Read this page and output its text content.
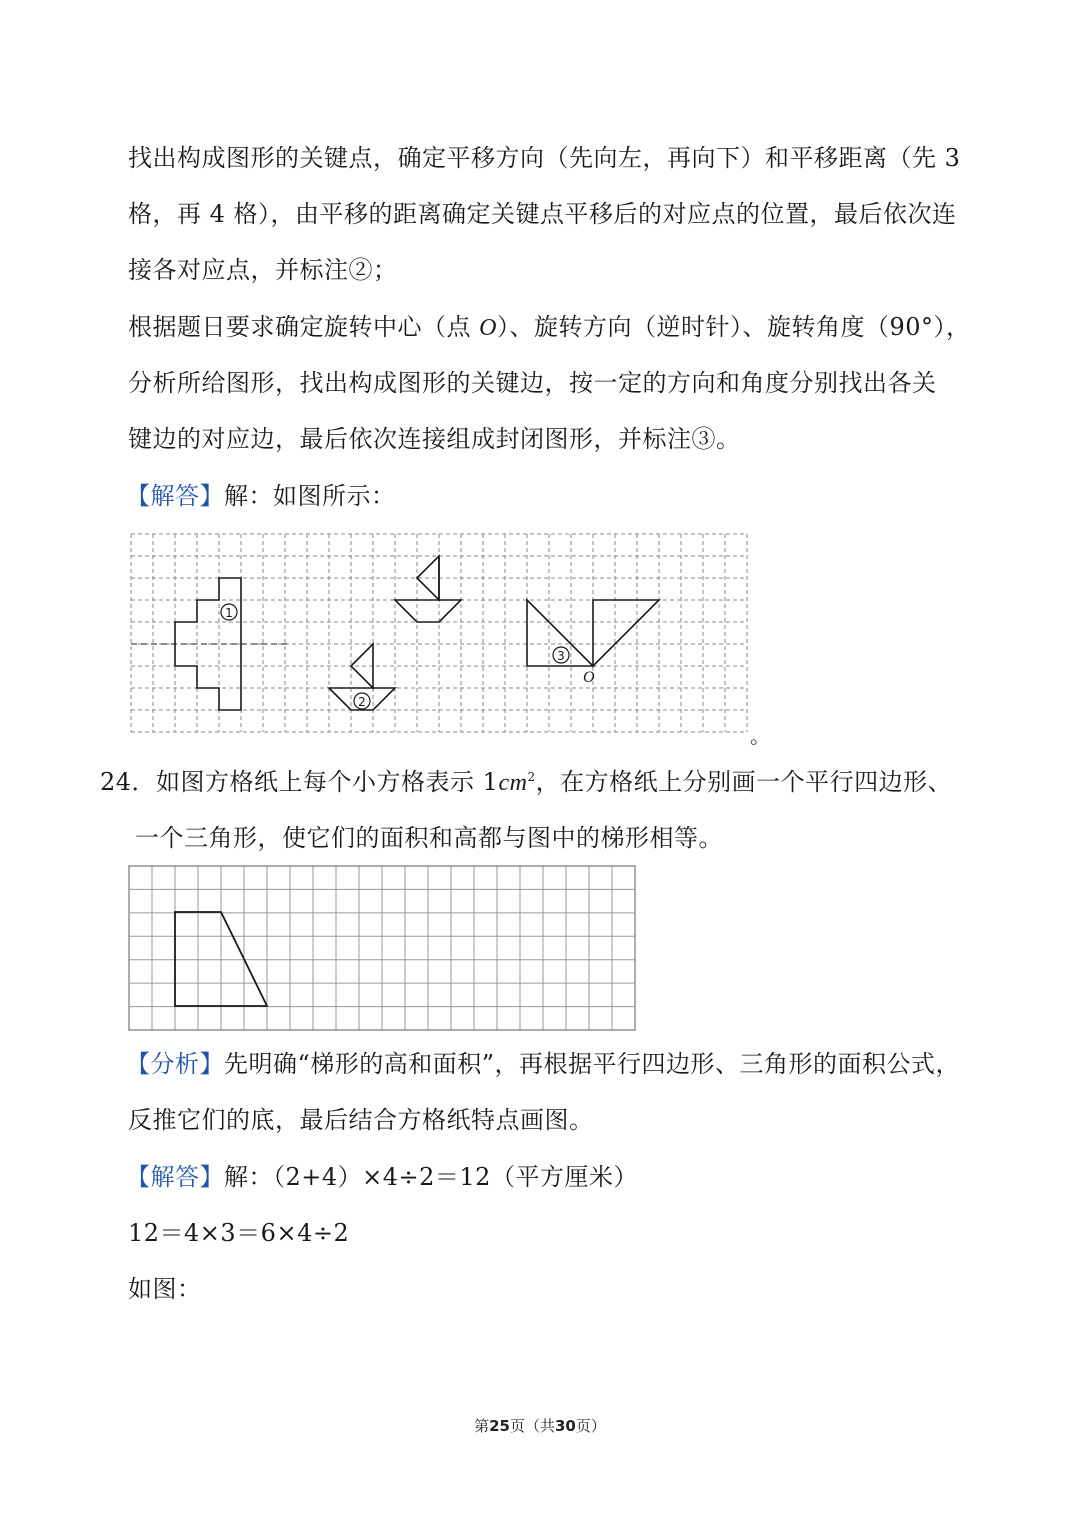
找出构成图形的关键点，确定平移方向（先向左，再向下）和平移距离（先 3
格，再 4 格），由平移的距离确定关键点平移后的对应点的位置，最后依次连
接各对应点，并标注②；
根据题日要求确定旋转中心（点 O）、旋转方向（逆时针）、旋转角度（90°），
分析所给图形，找出构成图形的关键边，按一定的方向和角度分别找出各关
键边的对应边，最后依次连接组成封闭图形，并标注③。
【解答】解：如图所示：
1
2
3
O
。
24．如图方格纸上每个小方格表示 $1cm^2$，在方格纸上分别画一个平行四边形、
一个三角形，使它们的面积和高都与图中的梯形相等。
【分析】先明确“梯形的高和面积”，再根据平行四边形、三角形的面积公式，
反推它们的底，最后结合方格纸特点画图。
【解答】解：（2+4）×4÷2＝12（平方厘米）
12＝4×3＝6×4÷2
如图：
第25页（共30页）
